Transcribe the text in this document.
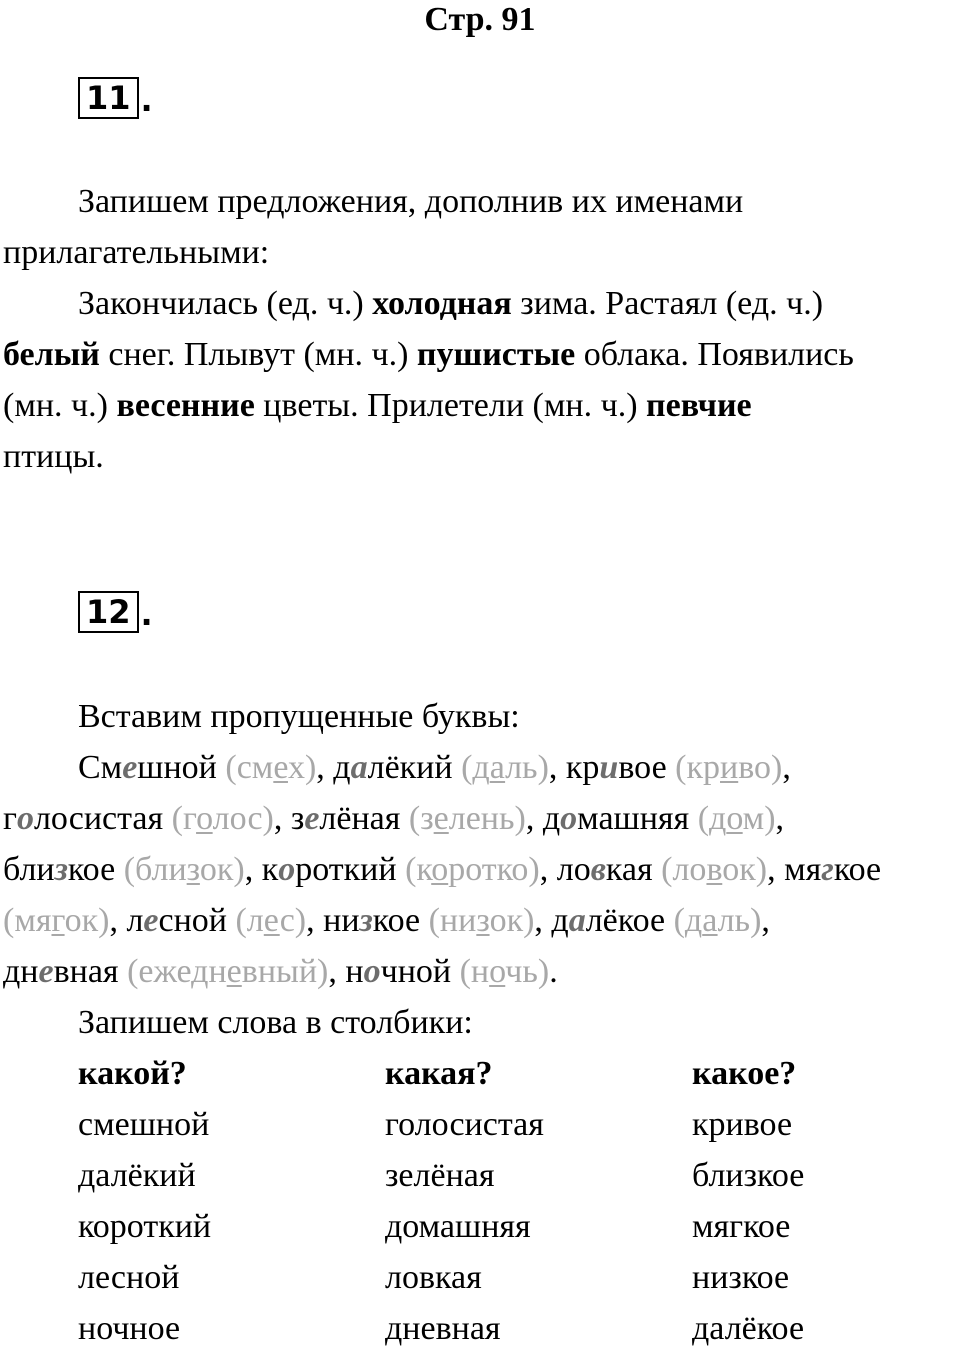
Стр. 91
11 .

Запишем предложения, дополнив их именами
прилагательными:
Закончилась (ед. ч.) холодная зима. Растаял (ед. ч.)
белый снег. Плывут (мн. ч.) пушистые облака. Появились
(мн. ч.) весенние цветы. Прилетели (мн. ч.) певчие
птицы.

12 .

Вставим пропущенные буквы:
Смешной (смех), далёкий (даль), кривое (криво),
голосистая (голос), зелёная (зелень), домашняя (дом),
близкое (близок), короткий (коротко), ловкая (ловок), мягкое
(мягок), лесной (лес), низкое (низок), далёкое (даль),
дневная (ежедневный), ночной (ночь).
Запишем слова в столбики:

какой?
смешной
далёкий
короткий
лесной
ночное
какая?
голосистая
зелёная
домашняя
ловкая
дневная
какое?
кривое
близкое
мягкое
низкое
далёкое
